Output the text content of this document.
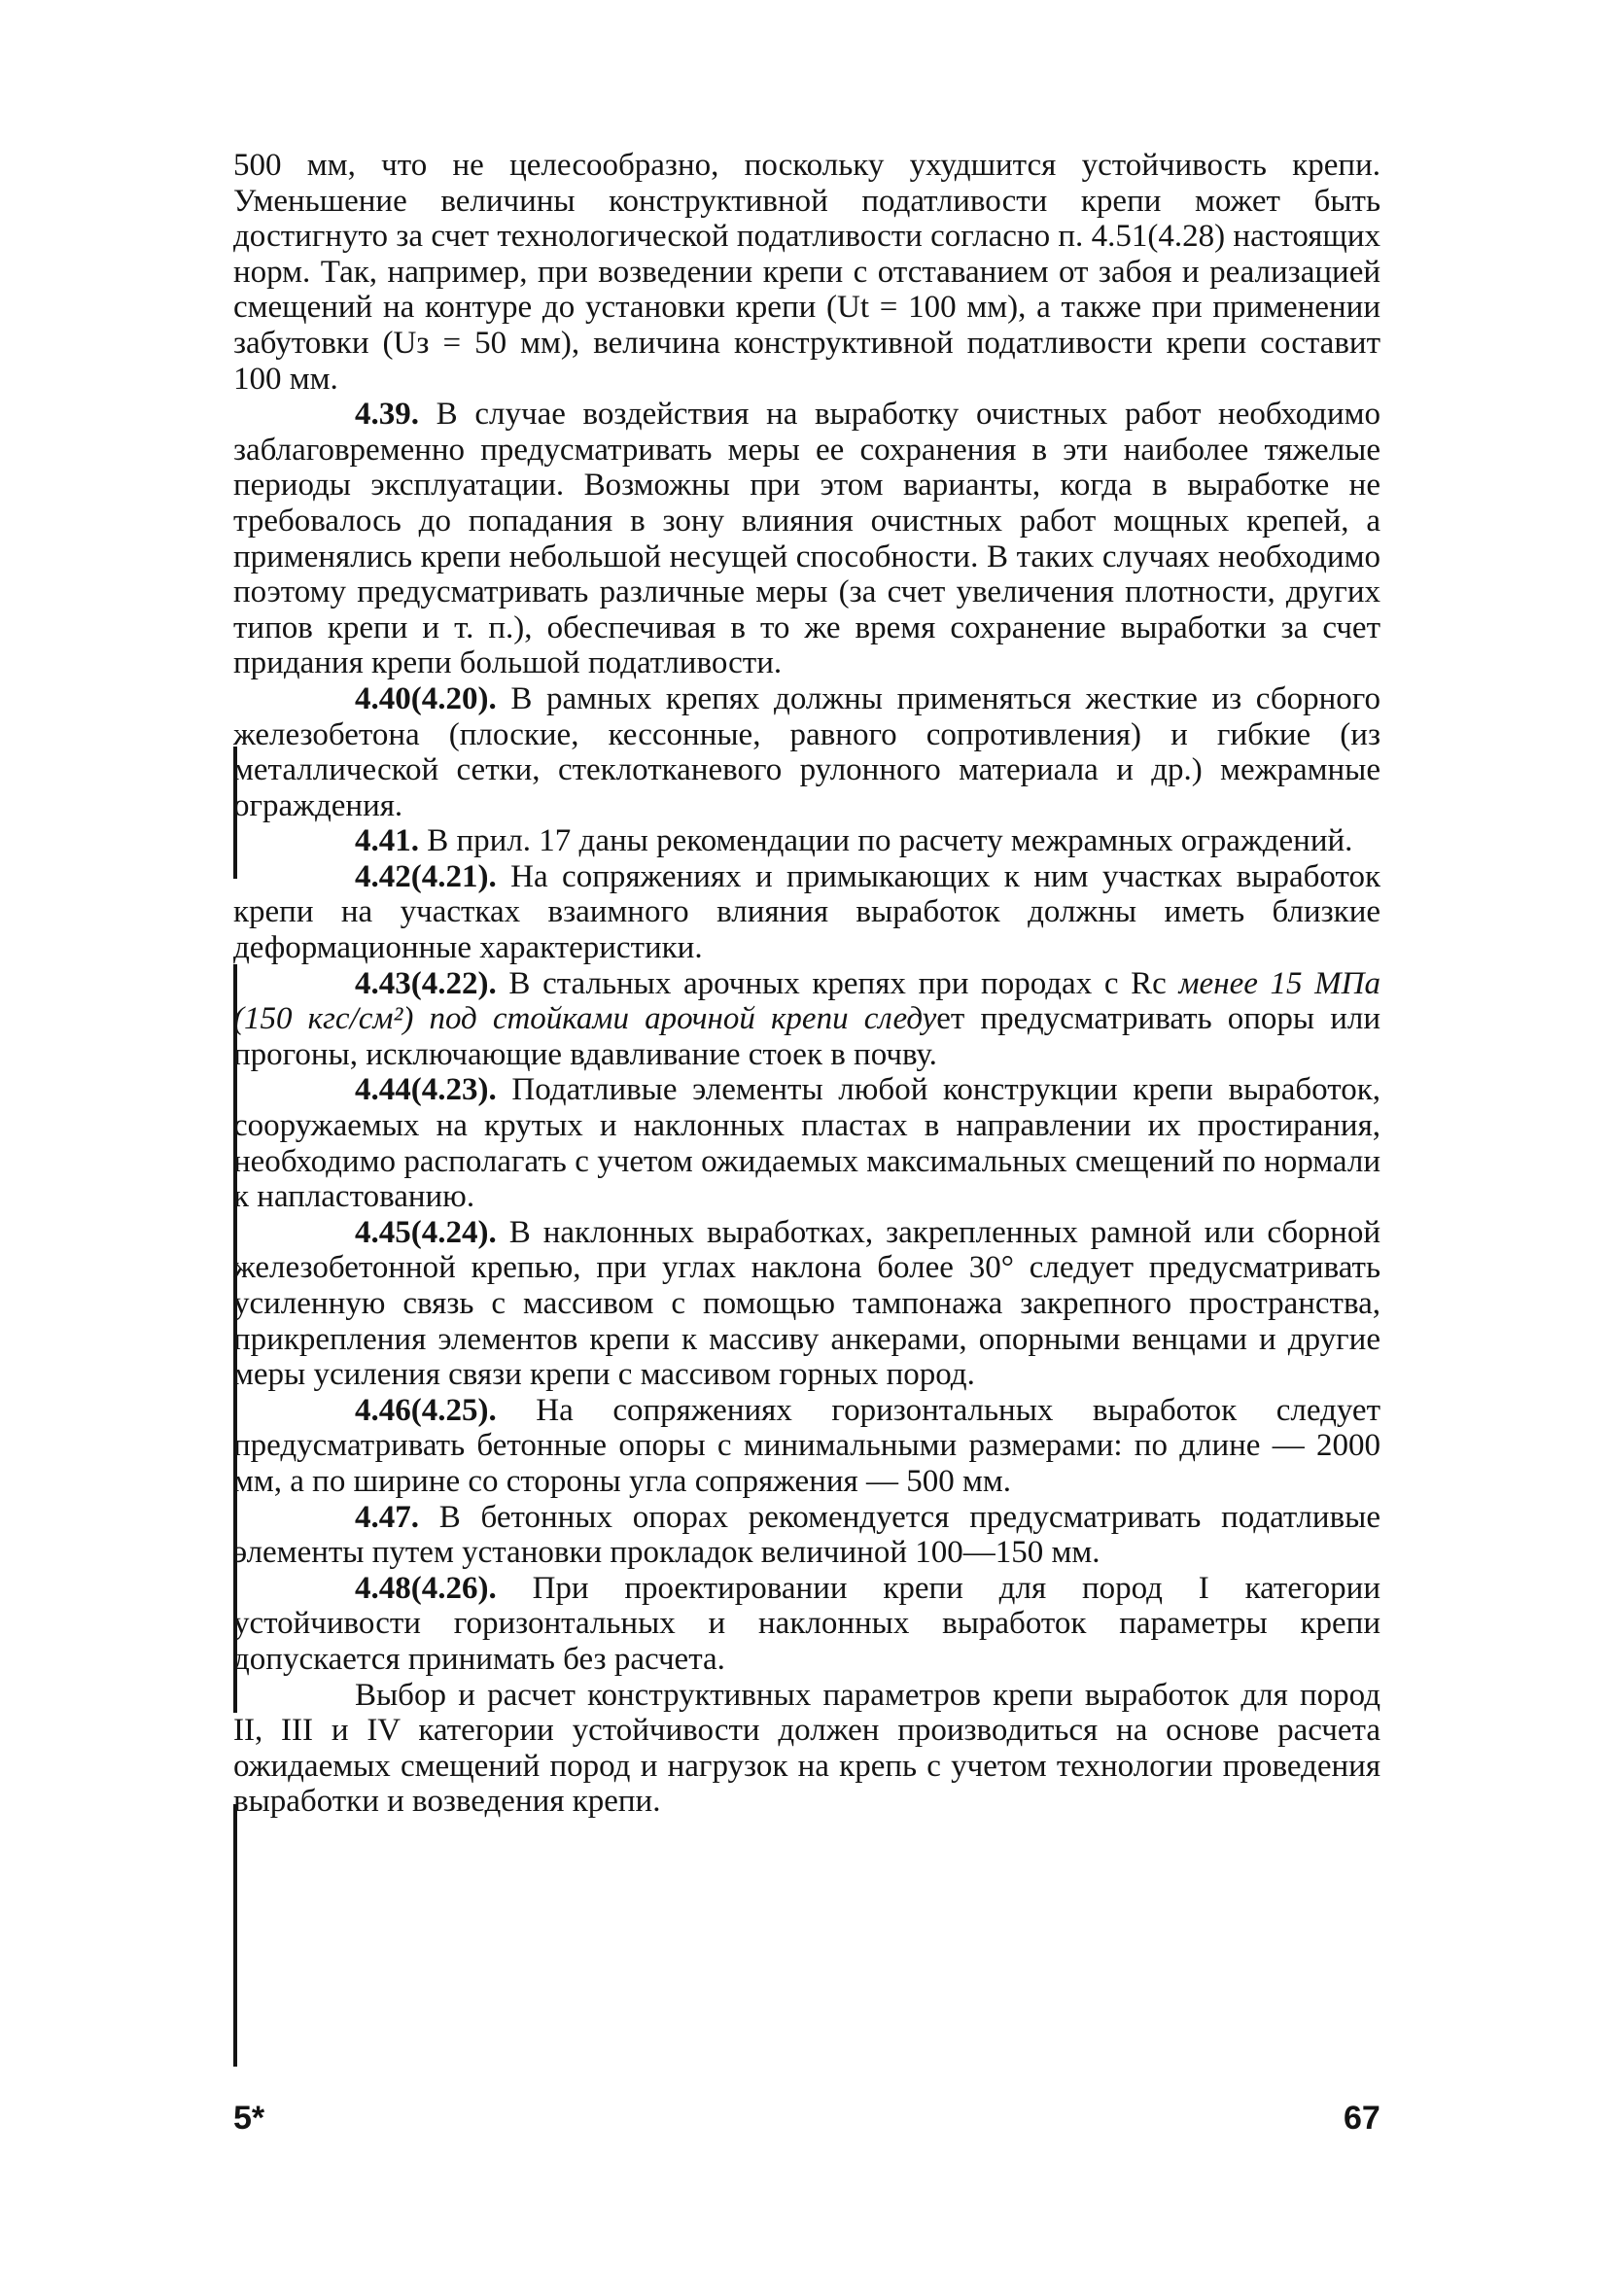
500 мм, что не целесообразно, поскольку ухудшится устойчивость крепи. Уменьшение величины конструктивной податливости крепи может быть достигнуто за счет технологической податливости согласно п. 4.51(4.28) настоящих норм. Так, например, при возведении крепи с отставанием от забоя и реализацией смещений на контуре до установки крепи (Ut = 100 мм), а также при применении забутовки (Uз = 50 мм), величина конструктивной податливости крепи составит 100 мм.

4.39. В случае воздействия на выработку очистных работ необходимо заблаговременно предусматривать меры ее сохранения в эти наиболее тяжелые периоды эксплуатации. Возможны при этом варианты, когда в выработке не требовалось до попадания в зону влияния очистных работ мощных крепей, а применялись крепи небольшой несущей способности. В таких случаях необходимо поэтому предусматривать различные меры (за счет увеличения плотности, других типов крепи и т. п.), обеспечивая в то же время сохранение выработки за счет придания крепи большой податливости.

4.40(4.20). В рамных крепях должны применяться жесткие из сборного железобетона (плоские, кессонные, равного сопротивления) и гибкие (из металлической сетки, стеклотканевого рулонного материала и др.) межрамные ограждения.

4.41. В прил. 17 даны рекомендации по расчету межрамных ограждений.

4.42(4.21). На сопряжениях и примыкающих к ним участках выработок крепи на участках взаимного влияния выработок должны иметь близкие деформационные характеристики.

4.43(4.22). В стальных арочных крепях при породах с Rс менее 15 МПа (150 кгс/см²) под стойками арочной крепи следует предусматривать опоры или прогоны, исключающие вдавливание стоек в почву.

4.44(4.23). Податливые элементы любой конструкции крепи выработок, сооружаемых на крутых и наклонных пластах в направлении их простирания, необходимо располагать с учетом ожидаемых максимальных смещений по нормали к напластованию.

4.45(4.24). В наклонных выработках, закрепленных рамной или сборной железобетонной крепью, при углах наклона более 30° следует предусматривать усиленную связь с массивом с помощью тампонажа закрепного пространства, прикрепления элементов крепи к массиву анкерами, опорными венцами и другие меры усиления связи крепи с массивом горных пород.

4.46(4.25). На сопряжениях горизонтальных выработок следует предусматривать бетонные опоры с минимальными размерами: по длине — 2000 мм, а по ширине со стороны угла сопряжения — 500 мм.

4.47. В бетонных опорах рекомендуется предусматривать податливые элементы путем установки прокладок величиной 100—150 мм.

4.48(4.26). При проектировании крепи для пород I категории устойчивости горизонтальных и наклонных выработок параметры крепи допускается принимать без расчета.

Выбор и расчет конструктивных параметров крепи выработок для пород II, III и IV категории устойчивости должен производиться на основе расчета ожидаемых смещений пород и нагрузок на крепь с учетом технологии проведения выработки и возведения крепи.

5*	67
